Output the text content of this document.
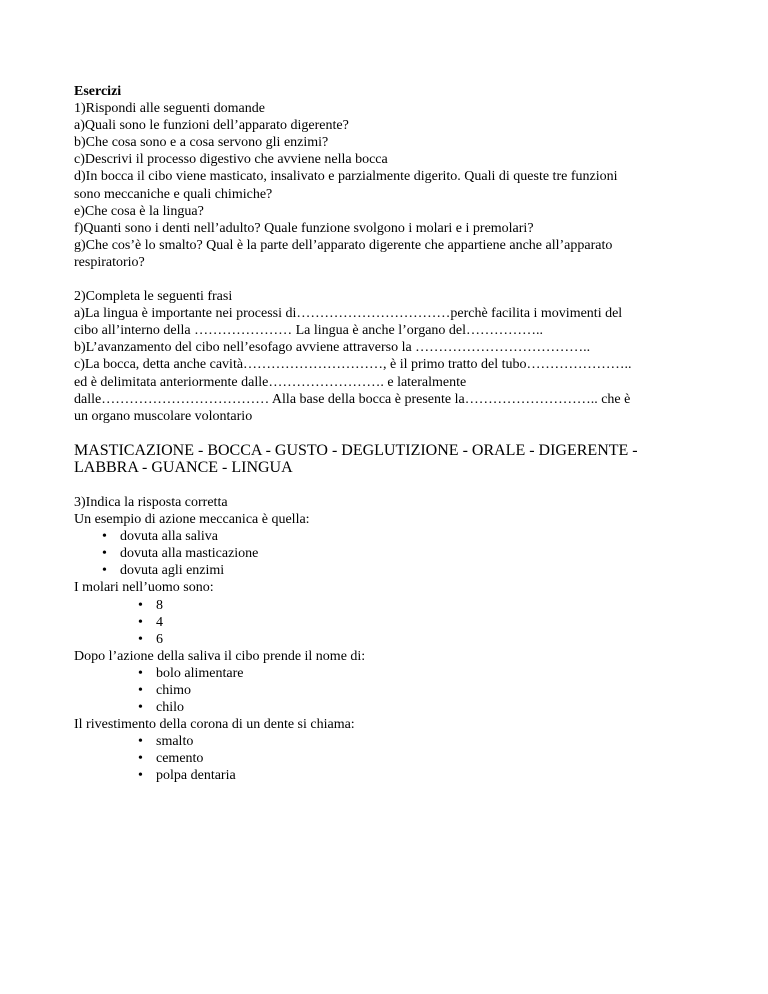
Esercizi
1)Rispondi alle seguenti domande
a)Quali sono le funzioni dell’apparato digerente?
b)Che cosa sono e a cosa servono gli enzimi?
c)Descrivi il processo digestivo che avviene nella bocca
d)In bocca il cibo viene masticato, insalivato e parzialmente digerito. Quali di queste tre funzioni
sono meccaniche e quali chimiche?
e)Che cosa è la lingua?
f)Quanti sono i denti nell’adulto? Quale funzione svolgono i molari e i premolari?
g)Che cos’è lo smalto? Qual è la parte dell’apparato digerente che appartiene anche all’apparato
respiratorio?
2)Completa le seguenti frasi
a)La lingua è importante nei processi di……………………………perchè facilita i movimenti del
cibo all’interno della ………………… La lingua è anche l’organo del……………..
b)L’avanzamento del cibo nell’esofago avviene attraverso la ………………………………..
c)La bocca, detta anche cavità…………………………, è il primo tratto del tubo…………………..
ed è delimitata anteriormente dalle……………………. e lateralmente
dalle……………………………… Alla base della bocca è presente la……………………….. che è
un organo muscolare volontario
MASTICAZIONE - BOCCA - GUSTO - DEGLUTIZIONE - ORALE - DIGERENTE - LABBRA - GUANCE - LINGUA
3)Indica la risposta corretta
Un esempio di azione meccanica è quella:
• dovuta alla saliva
• dovuta alla masticazione
• dovuta agli enzimi
I molari nell’uomo sono:
• 8
• 4
• 6
Dopo l’azione della saliva il cibo prende il nome di:
• bolo alimentare
• chimo
• chilo
Il rivestimento della corona di un dente si chiama:
• smalto
• cemento
• polpa dentaria
